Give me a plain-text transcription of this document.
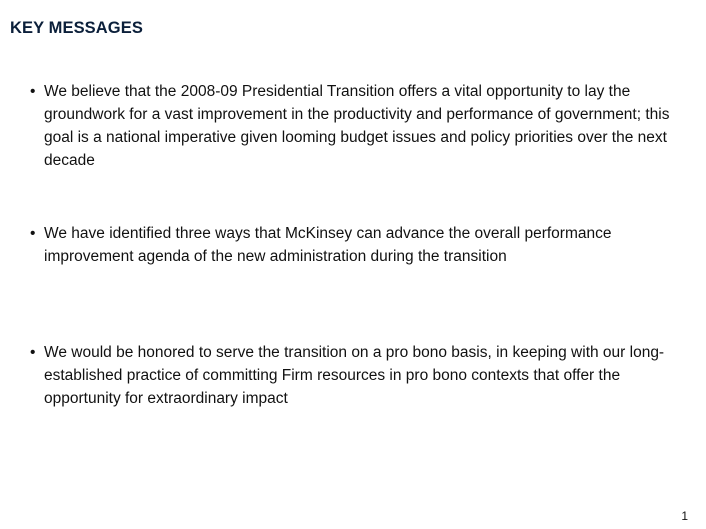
KEY MESSAGES
• We believe that the 2008-09 Presidential Transition offers a vital opportunity to lay the groundwork for a vast improvement in the productivity and performance of government; this goal is a national imperative given looming budget issues and policy priorities over the next decade
• We have identified three ways that McKinsey can advance the overall performance improvement agenda of the new administration during the transition
• We would be honored to serve the transition on a pro bono basis, in keeping with our long-established practice of committing Firm resources in pro bono contexts that offer the opportunity for extraordinary impact
1
